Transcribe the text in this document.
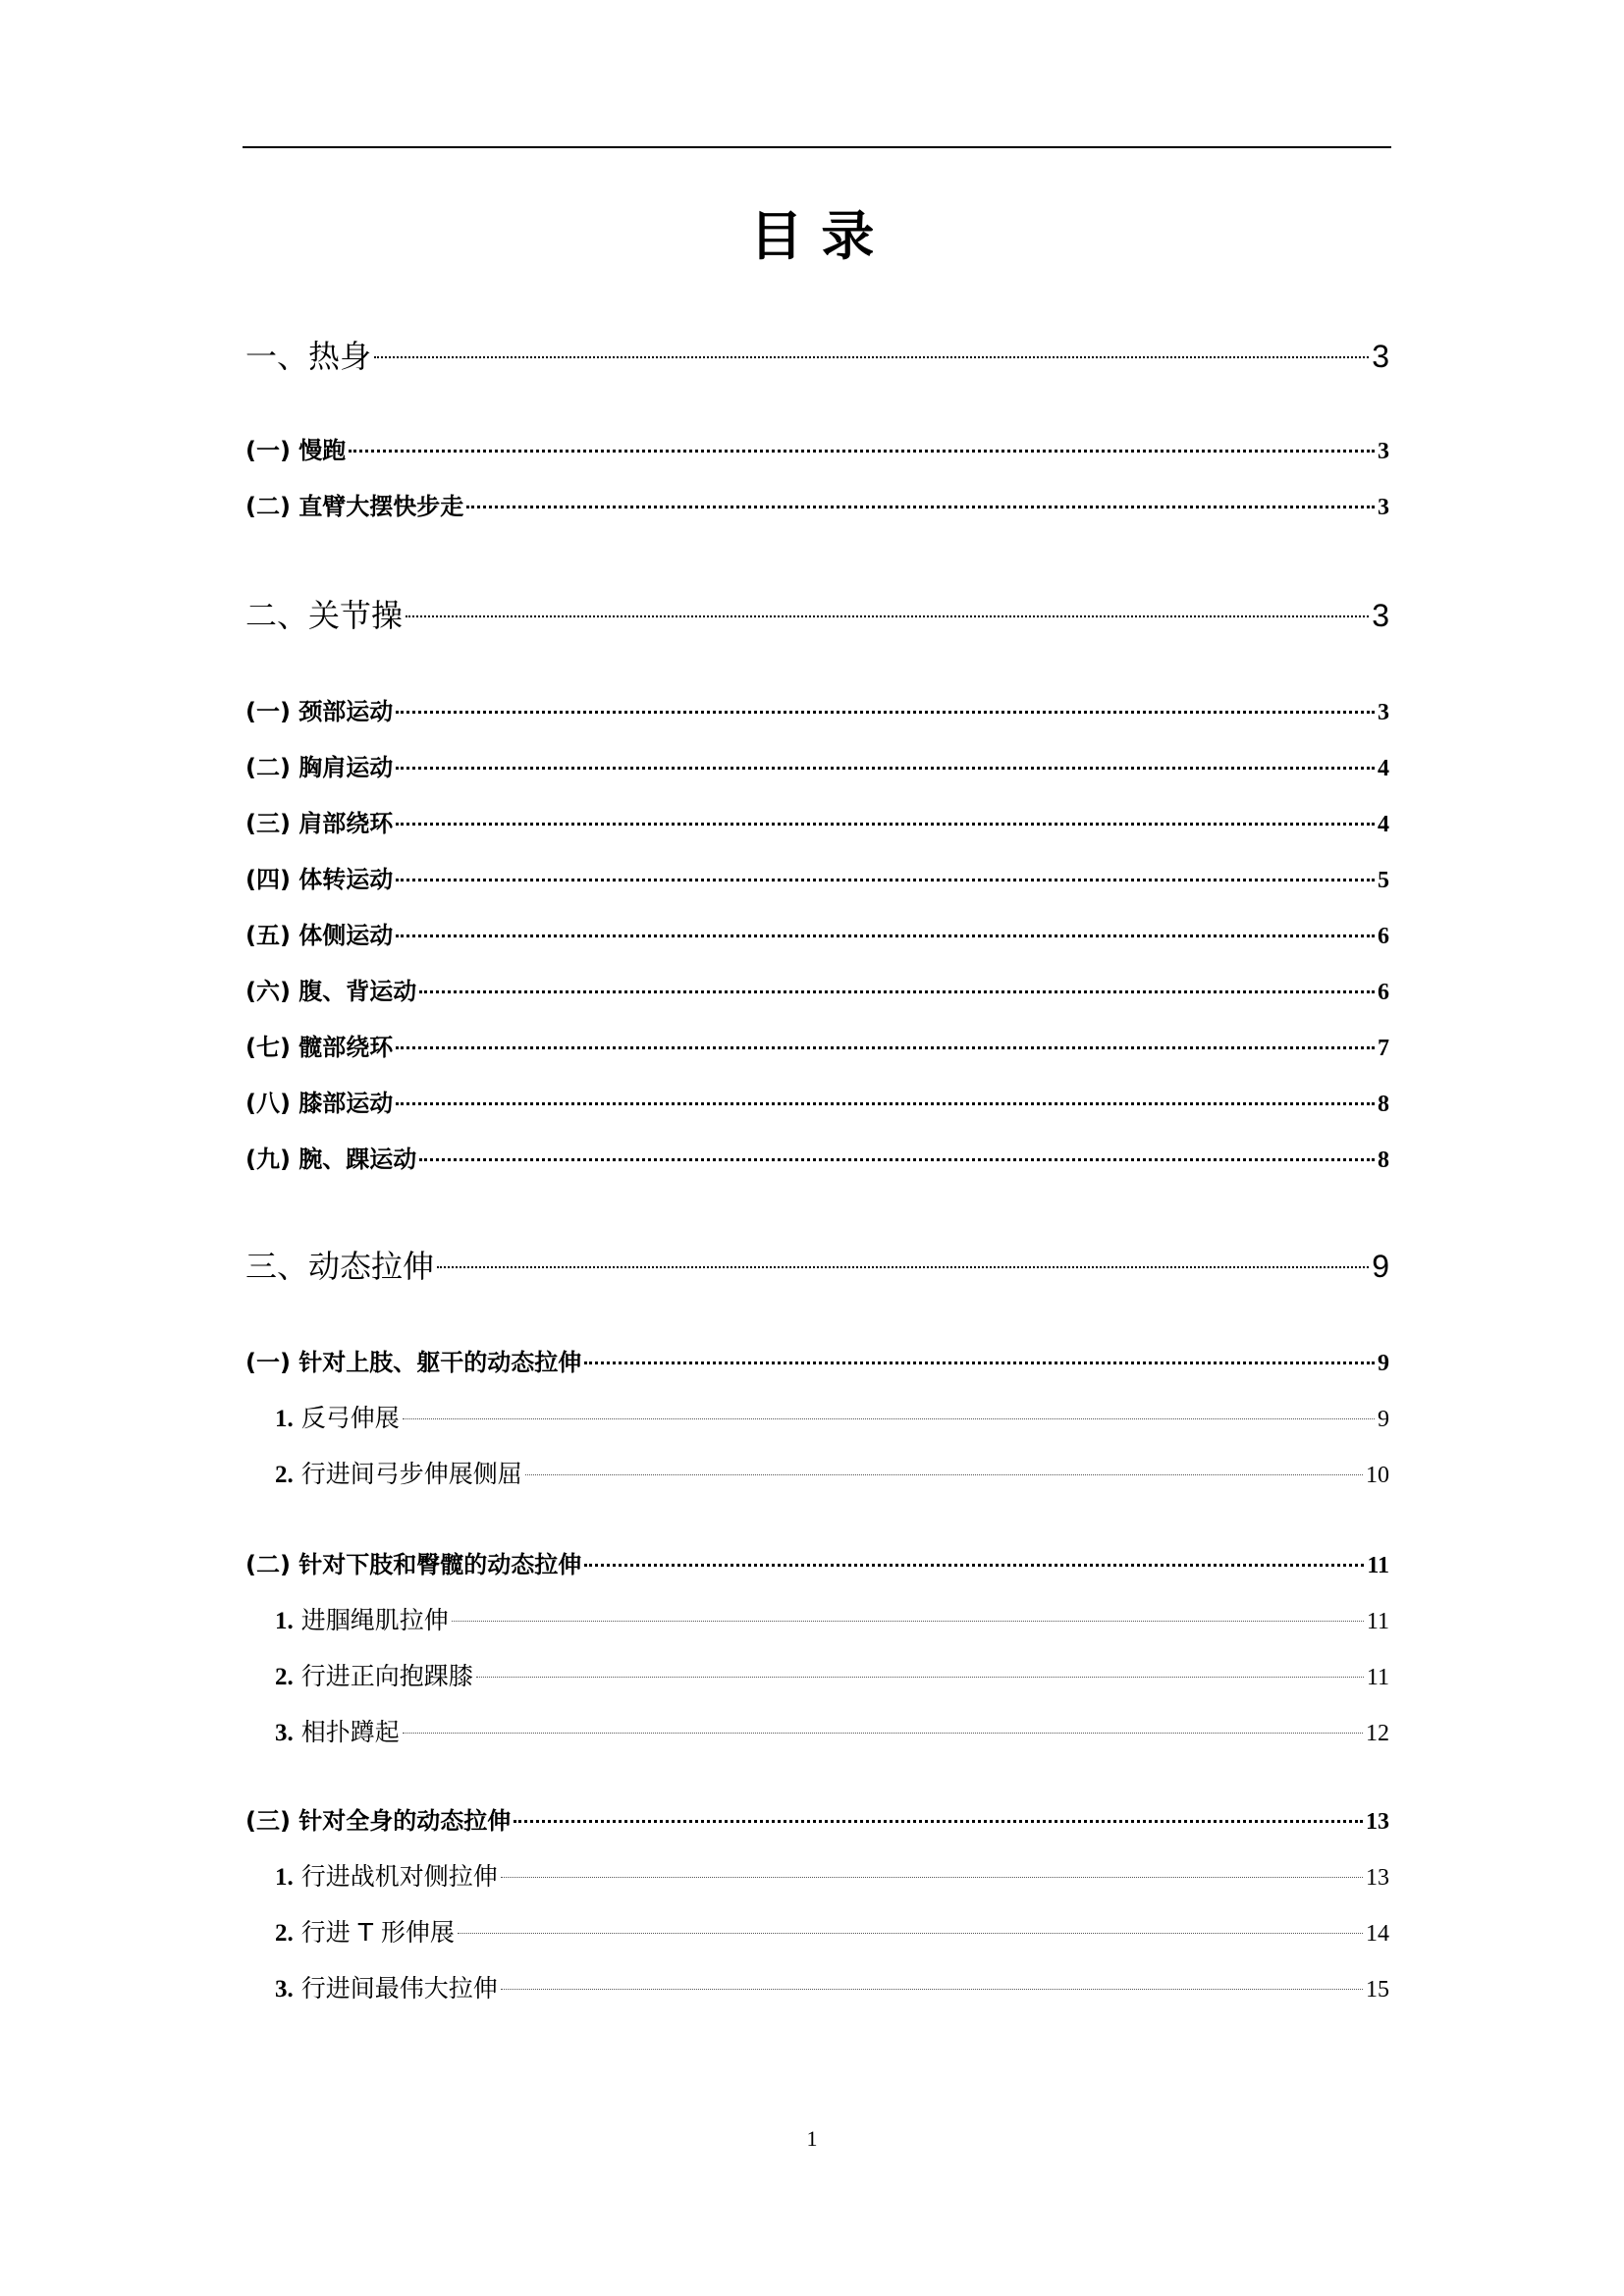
目 录
一、热身	3
(一) 慢跑	3
(二) 直臂大摆快步走	3
二、关节操	3
(一) 颈部运动	3
(二) 胸肩运动	4
(三) 肩部绕环	4
(四) 体转运动	5
(五) 体侧运动	6
(六) 腹、背运动	6
(七) 髋部绕环	7
(八) 膝部运动	8
(九) 腕、踝运动	8
三、动态拉伸	9
(一) 针对上肢、躯干的动态拉伸	9
1. 反弓伸展	9
2. 行进间弓步伸展侧屈	10
(二) 针对下肢和臀髋的动态拉伸	11
1. 进腘绳肌拉伸	11
2. 行进正向抱踝膝	11
3. 相扑蹲起	12
(三) 针对全身的动态拉伸	13
1. 行进战机对侧拉伸	13
2. 行进 T 形伸展	14
3. 行进间最伟大拉伸	15
1
